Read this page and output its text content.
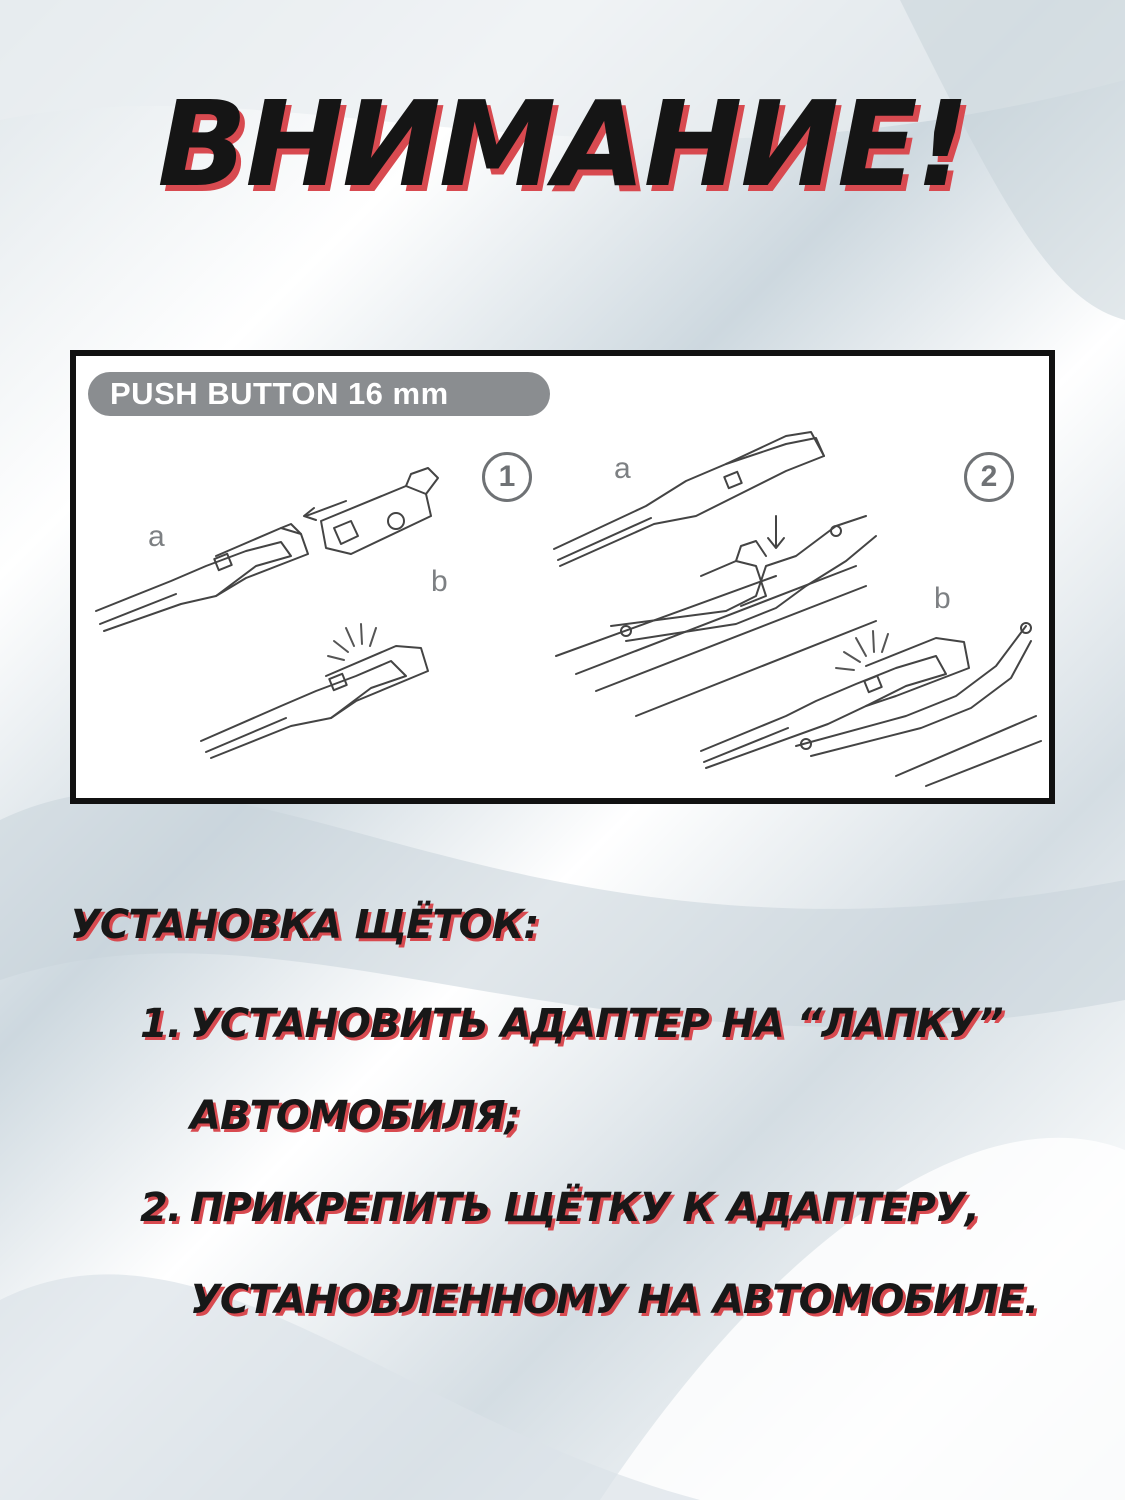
ВНИМАНИЕ!
PUSH BUTTON 16 mm
1
a
b
2
a
b
УСТАНОВКА ЩЁТОК:
1. УСТАНОВИТЬ АДАПТЕР НА “ЛАПКУ”
АВТОМОБИЛЯ;
2. ПРИКРЕПИТЬ ЩЁТКУ К АДАПТЕРУ,
УСТАНОВЛЕННОМУ НА АВТОМОБИЛЕ.
